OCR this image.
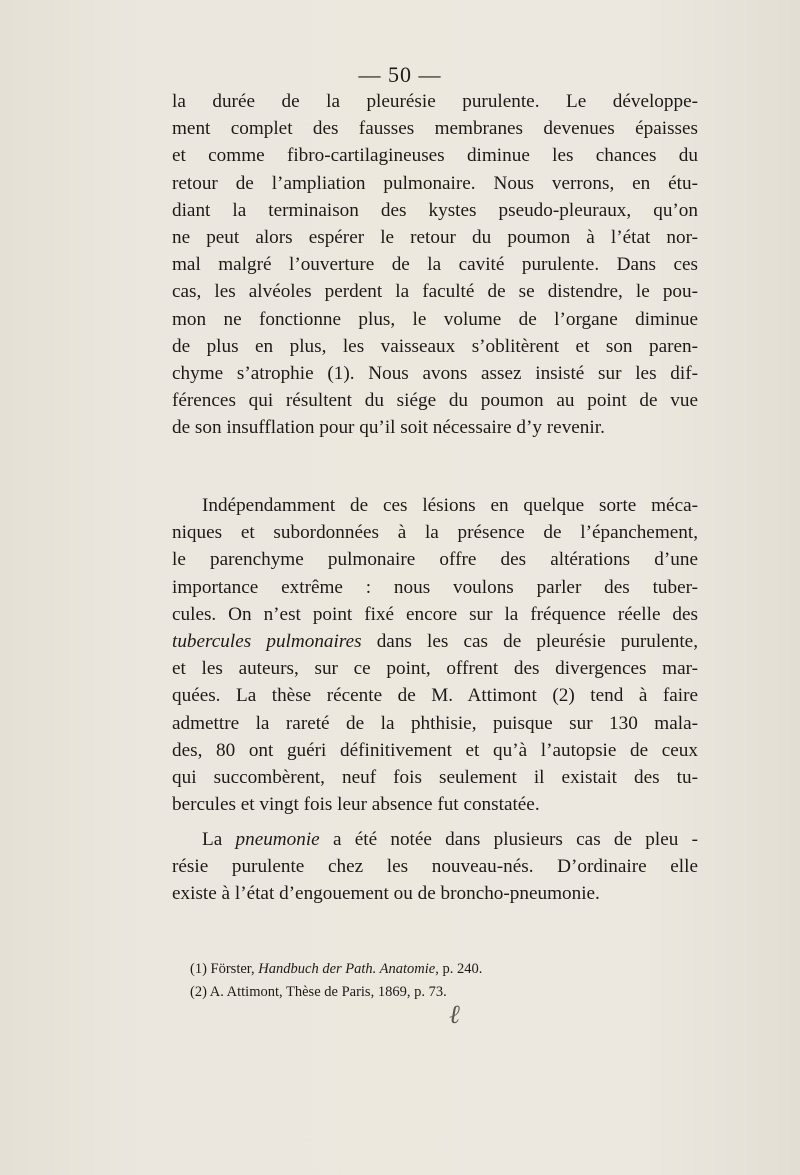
— 50 —
la durée de la pleurésie purulente. Le développe-
ment complet des fausses membranes devenues épaisses
et comme fibro-cartilagineuses diminue les chances du
retour de l’ampliation pulmonaire. Nous verrons, en étu-
diant la terminaison des kystes pseudo-pleuraux, qu’on
ne peut alors espérer le retour du poumon à l’état nor-
mal malgré l’ouverture de la cavité purulente. Dans ces
cas, les alvéoles perdent la faculté de se distendre, le pou-
mon ne fonctionne plus, le volume de l’organe diminue
de plus en plus, les vaisseaux s’oblitèrent et son paren-
chyme s’atrophie (1). Nous avons assez insisté sur les dif-
férences qui résultent du siége du poumon au point de vue
de son insufflation pour qu’il soit nécessaire d’y revenir.
Indépendamment de ces lésions en quelque sorte méca-
niques et subordonnées à la présence de l’épanchement,
le parenchyme pulmonaire offre des altérations d’une
importance extrême : nous voulons parler des tuber-
cules. On n’est point fixé encore sur la fréquence réelle des
tubercules pulmonaires dans les cas de pleurésie purulente,
et les auteurs, sur ce point, offrent des divergences mar-
quées. La thèse récente de M. Attimont (2) tend à faire
admettre la rareté de la phthisie, puisque sur 130 mala-
des, 80 ont guéri définitivement et qu’à l’autopsie de ceux
qui succombèrent, neuf fois seulement il existait des tu-
bercules et vingt fois leur absence fut constatée.
La pneumonie a été notée dans plusieurs cas de pleu -
résie purulente chez les nouveau-nés. D’ordinaire elle
existe à l’état d’engouement ou de broncho-pneumonie.
(1) Förster, Handbuch der Path. Anatomie, p. 240.
(2) A. Attimont, Thèse de Paris, 1869, p. 73.
ℓ
